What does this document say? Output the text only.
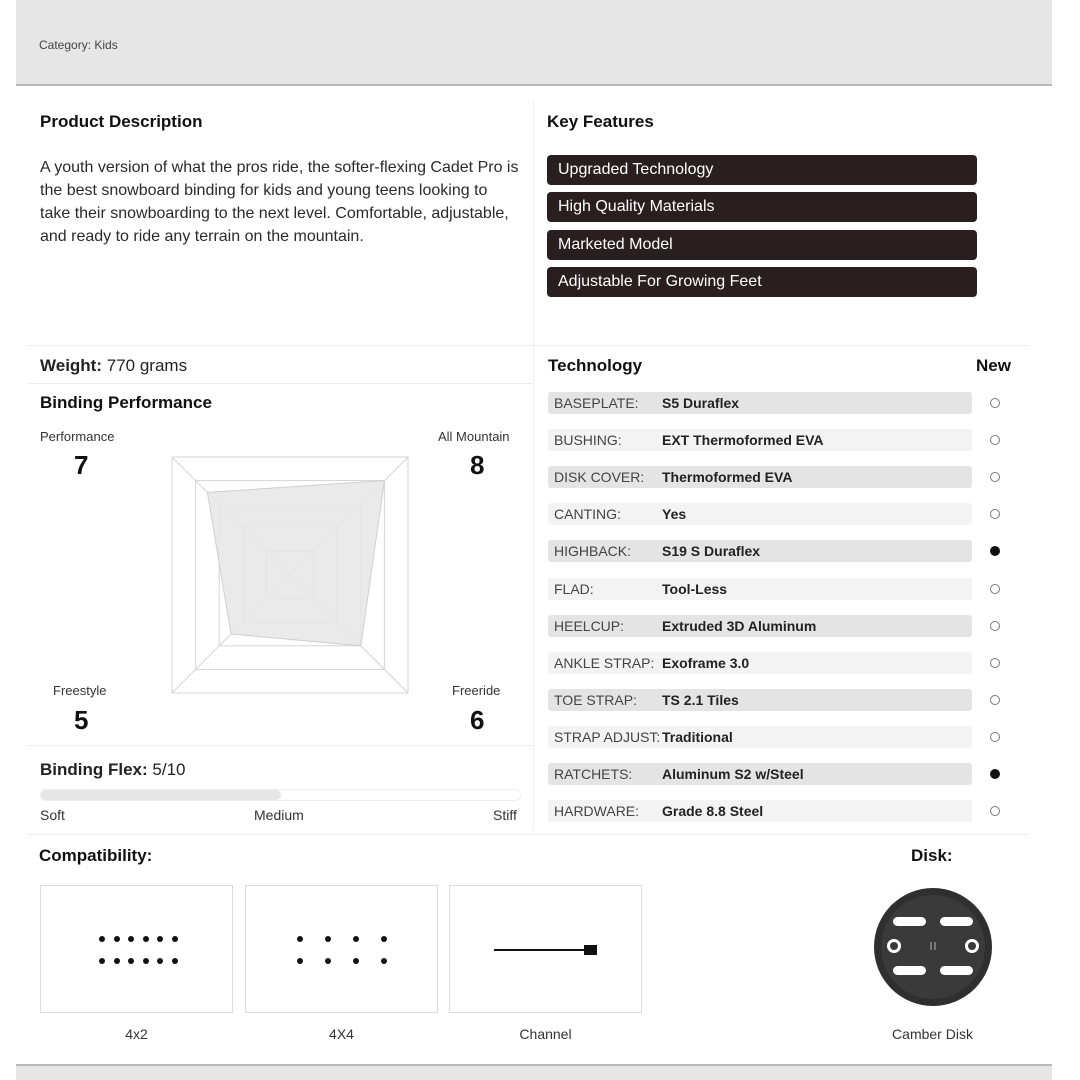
Category: Kids
Product Description
A youth version of what the pros ride, the softer-flexing Cadet Pro is the best snowboard binding for kids and young teens looking to take their snowboarding to the next level. Comfortable, adjustable, and ready to ride any terrain on the mountain.
Key Features
Upgraded Technology
High Quality Materials
Marketed Model
Adjustable For Growing Feet
Weight: 770 grams
Binding Performance
Performance
7
All Mountain
8
Freestyle
5
Freeride
6
Binding Flex: 5/10
Soft	Medium	Stiff
Technology	New
BASEPLATE: S5 Duraflex
BUSHING:	EXT Thermoformed EVA
DISK COVER: Thermoformed EVA
CANTING:	Yes
HIGHBACK: S19 S Duraflex
FLAD:	Tool-Less
HEELCUP:	Extruded 3D Aluminum
ANKLE STRAP: Exoframe 3.0
TOE STRAP: TS 2.1 Tiles
STRAP ADJUST: Traditional
RATCHETS: Aluminum S2 w/Steel
HARDWARE: Grade 8.8 Steel
Compatibility:
4x2	4X4	Channel
Disk:
Camber Disk
